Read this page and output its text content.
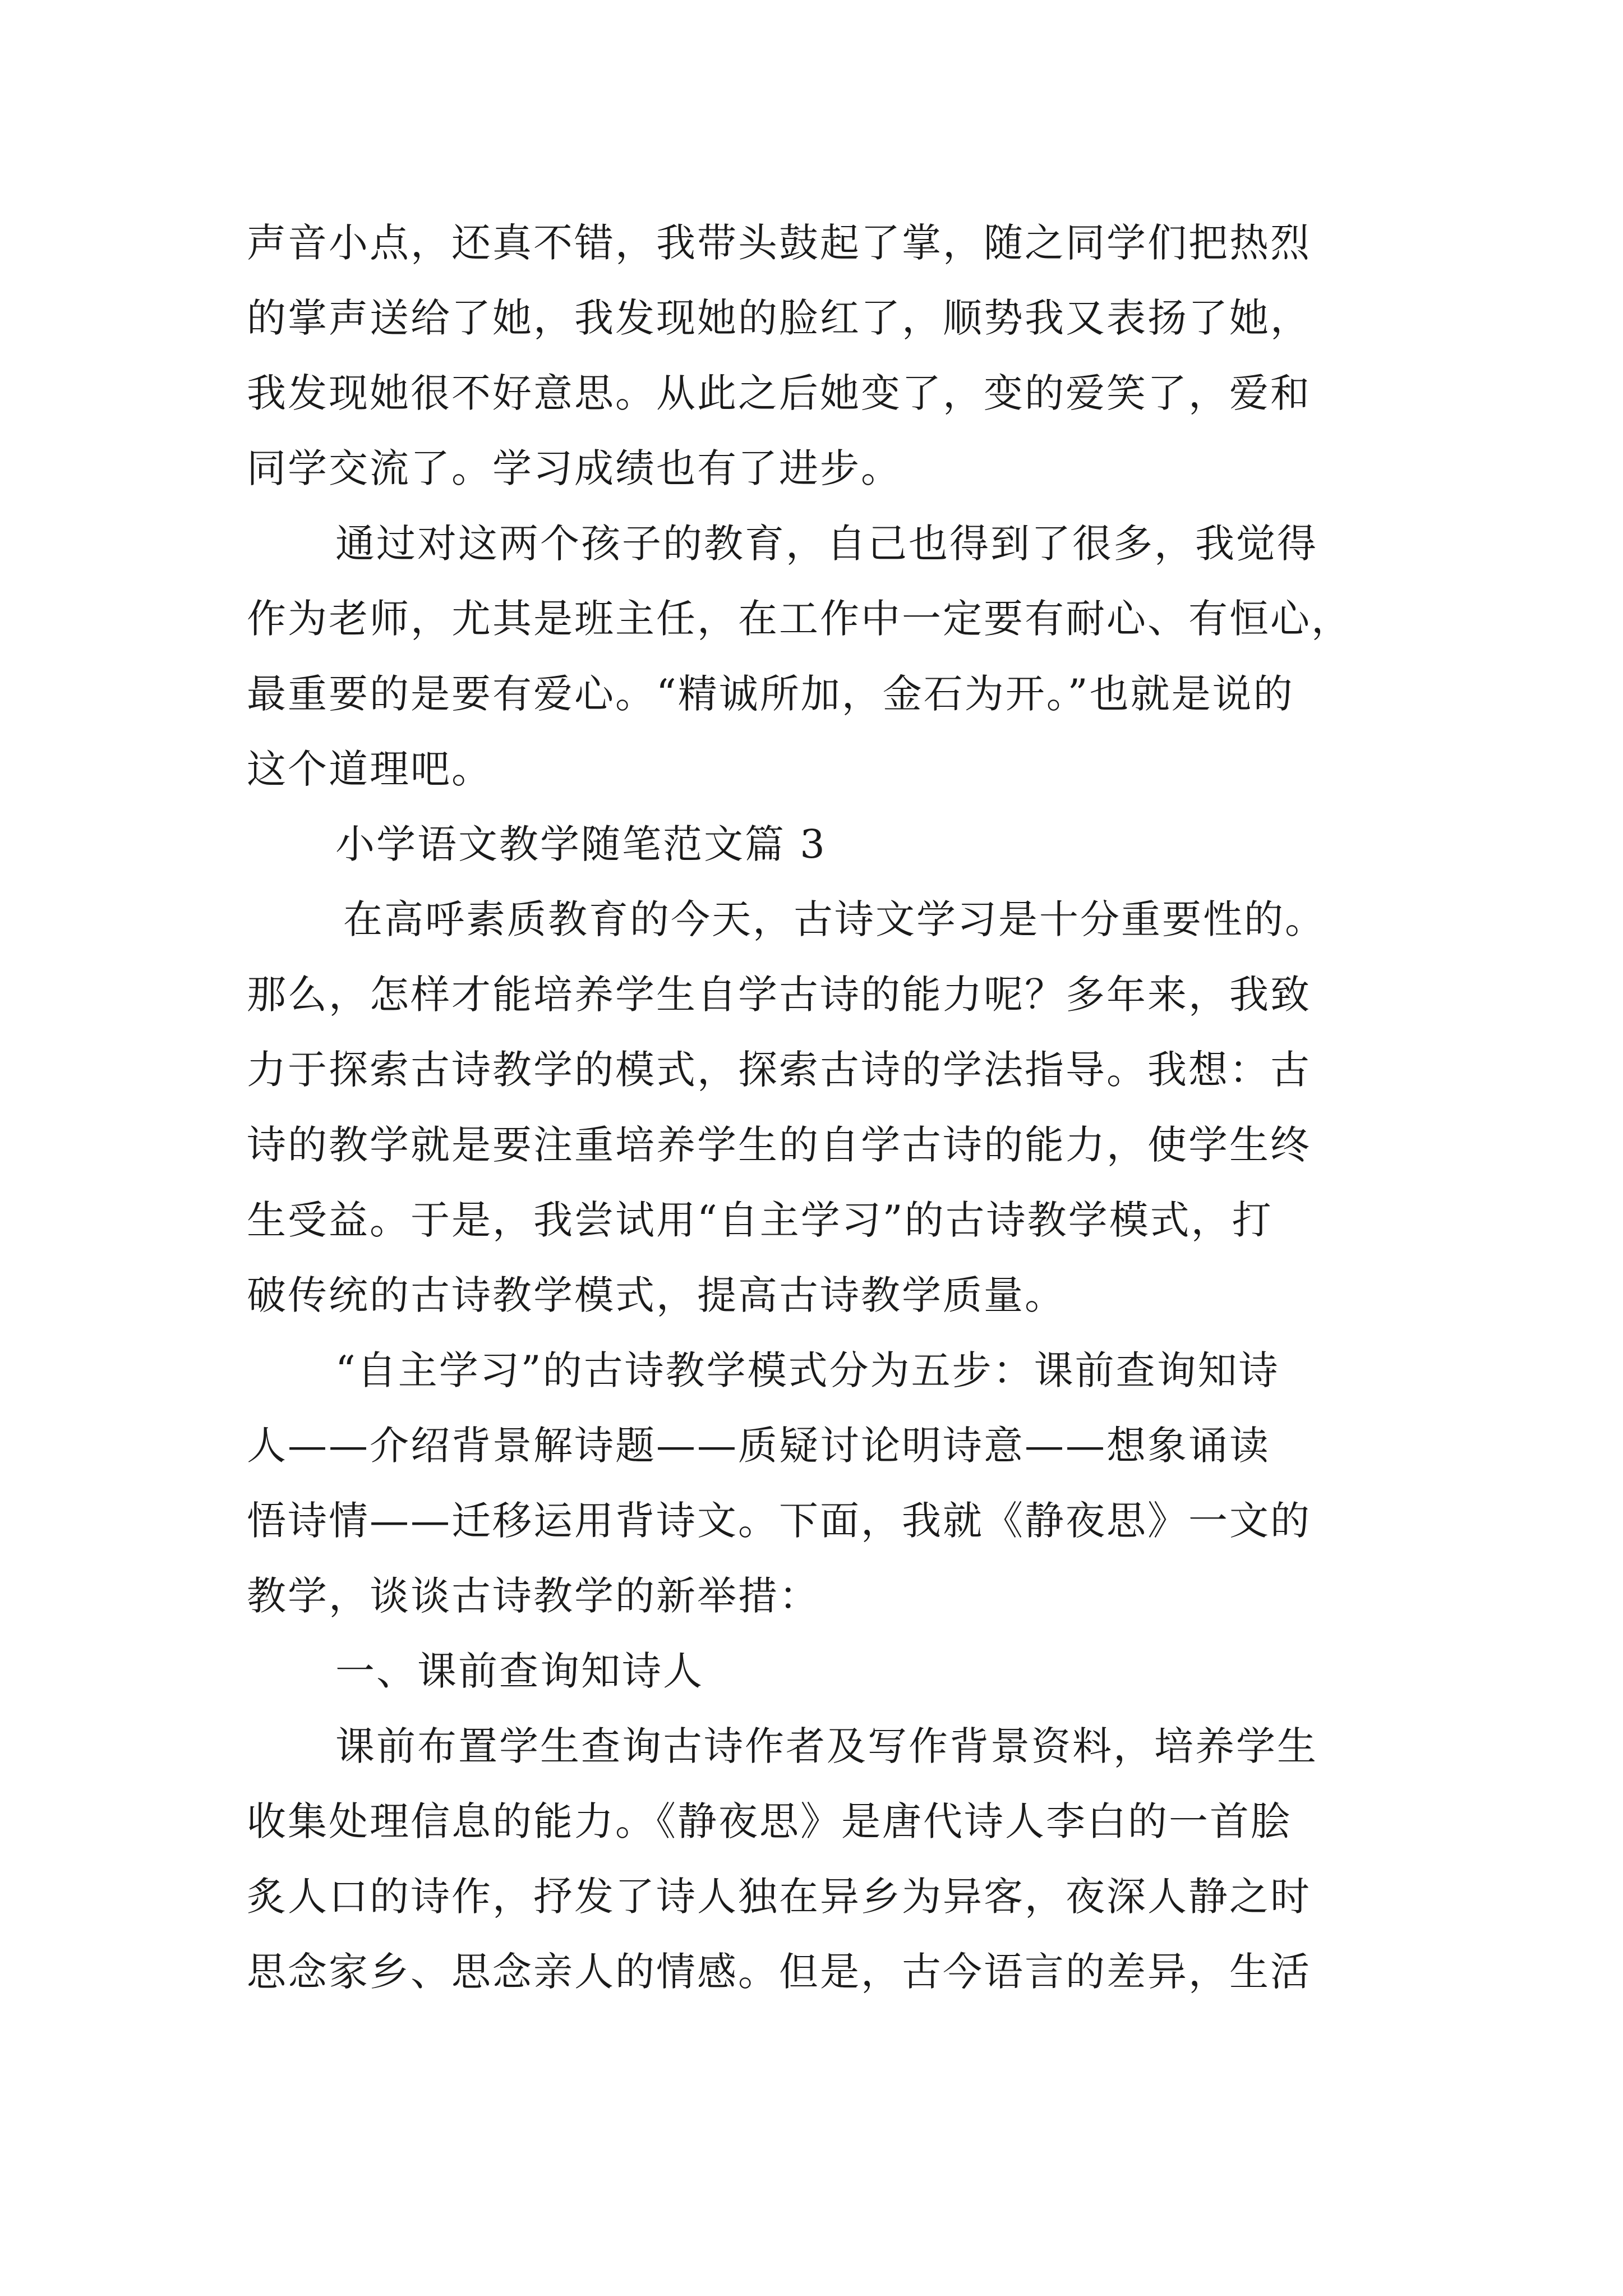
声音小点，还真不错，我带头鼓起了掌，随之同学们把热烈
的掌声送给了她，我发现她的脸红了，顺势我又表扬了她，
我发现她很不好意思。从此之后她变了，变的爱笑了，爱和
同学交流了。学习成绩也有了进步。
通过对这两个孩子的教育，自己也得到了很多，我觉得
作为老师，尤其是班主任，在工作中一定要有耐心、有恒心，
最重要的是要有爱心。“精诚所加，金石为开。”也就是说的
这个道理吧。
小学语文教学随笔范文篇 3
在高呼素质教育的今天，古诗文学习是十分重要性的。
那么，怎样才能培养学生自学古诗的能力呢？多年来，我致
力于探索古诗教学的模式，探索古诗的学法指导。我想：古
诗的教学就是要注重培养学生的自学古诗的能力，使学生终
生受益。于是，我尝试用“自主学习”的古诗教学模式，打
破传统的古诗教学模式，提高古诗教学质量。
“自主学习”的古诗教学模式分为五步：课前查询知诗
人——介绍背景解诗题——质疑讨论明诗意——想象诵读
悟诗情——迁移运用背诗文。下面，我就《静夜思》一文的
教学，谈谈古诗教学的新举措：
一、课前查询知诗人
课前布置学生查询古诗作者及写作背景资料，培养学生
收集处理信息的能力。《静夜思》是唐代诗人李白的一首脍
炙人口的诗作，抒发了诗人独在异乡为异客，夜深人静之时
思念家乡、思念亲人的情感。但是，古今语言的差异，生活
